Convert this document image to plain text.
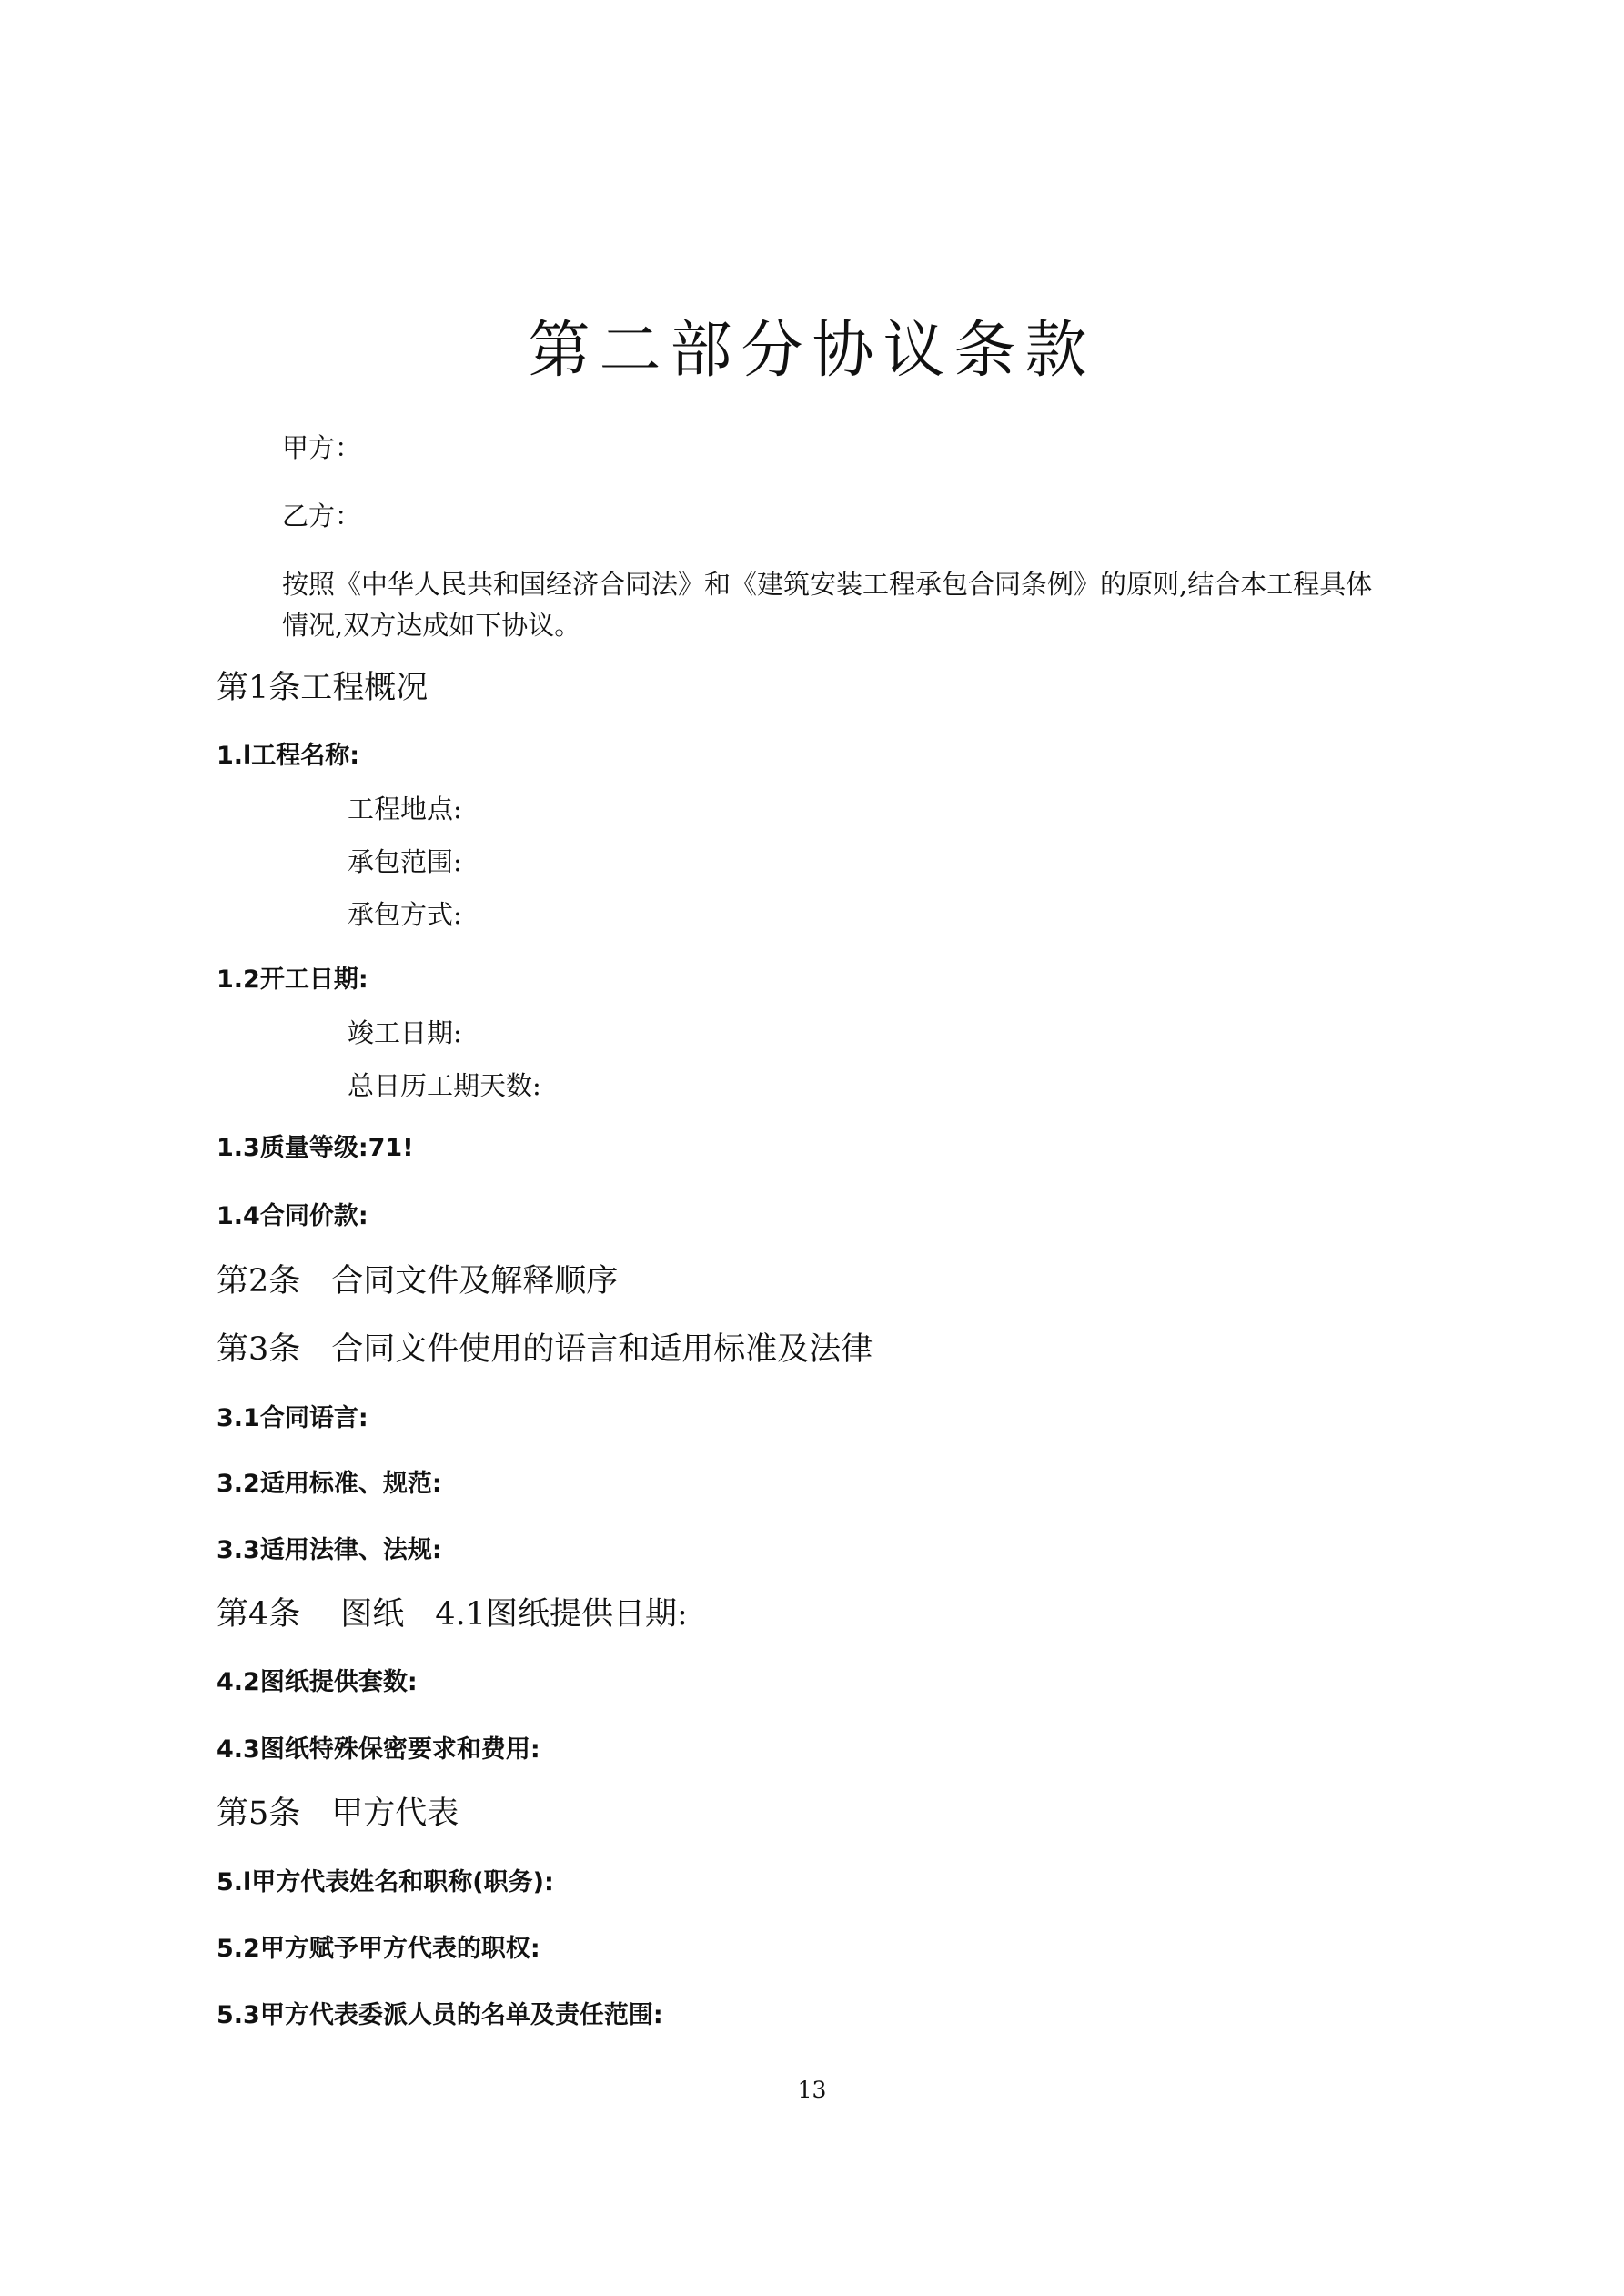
第二部分协议条款
甲方：
乙方：
按照《中华人民共和国经济合同法》和《建筑安装工程承包合同条例》的原则,结合本工程具体情况,双方达成如下协议。
第1条工程概况
1.l工程名称:
工程地点:
承包范围:
承包方式:
1.2开工日期:
竣工日期:
总日历工期天数:
1.3质量等级:71!
1.4合同价款:
第2条 合同文件及解释顺序
第3条 合同文件使用的语言和适用标准及法律
3.1合同语言:
3.2适用标准、规范:
3.3适用法律、法规:
第4条 图纸 4.1图纸提供日期:
4.2图纸提供套数:
4.3图纸特殊保密要求和费用:
第5条 甲方代表
5.l甲方代表姓名和职称(职务):
5.2甲方赋予甲方代表的职权:
5.3甲方代表委派人员的名单及责任范围:
13
